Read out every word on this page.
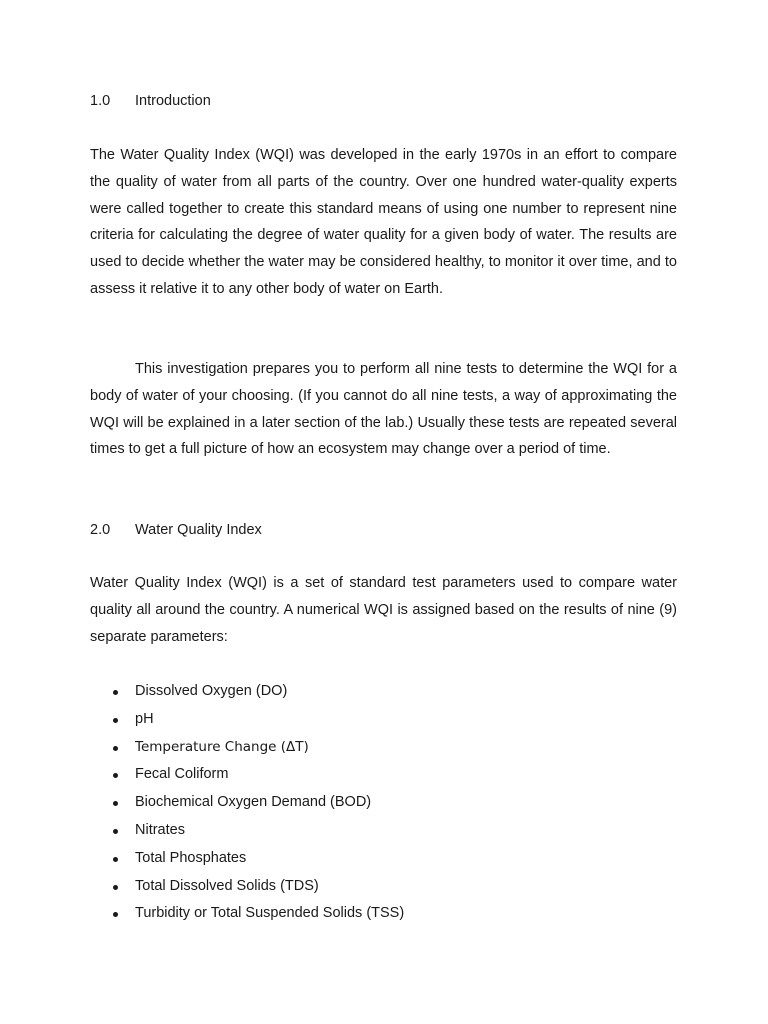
1.0 Introduction

The Water Quality Index (WQI) was developed in the early 1970s in an effort to compare the quality of water from all parts of the country. Over one hundred water-quality experts were called together to create this standard means of using one number to represent nine criteria for calculating the degree of water quality for a given body of water. The results are used to decide whether the water may be considered healthy, to monitor it over time, and to assess it relative it to any other body of water on Earth.

This investigation prepares you to perform all nine tests to determine the WQI for a body of water of your choosing. (If you cannot do all nine tests, a way of approximating the WQI will be explained in a later section of the lab.) Usually these tests are repeated several times to get a full picture of how an ecosystem may change over a period of time.

2.0 Water Quality Index

Water Quality Index (WQI) is a set of standard test parameters used to compare water quality all around the country. A numerical WQI is assigned based on the results of nine (9) separate parameters:

Dissolved Oxygen (DO)
pH
Temperature Change (ΔT)
Fecal Coliform
Biochemical Oxygen Demand (BOD)
Nitrates
Total Phosphates
Total Dissolved Solids (TDS)
Turbidity or Total Suspended Solids (TSS)
